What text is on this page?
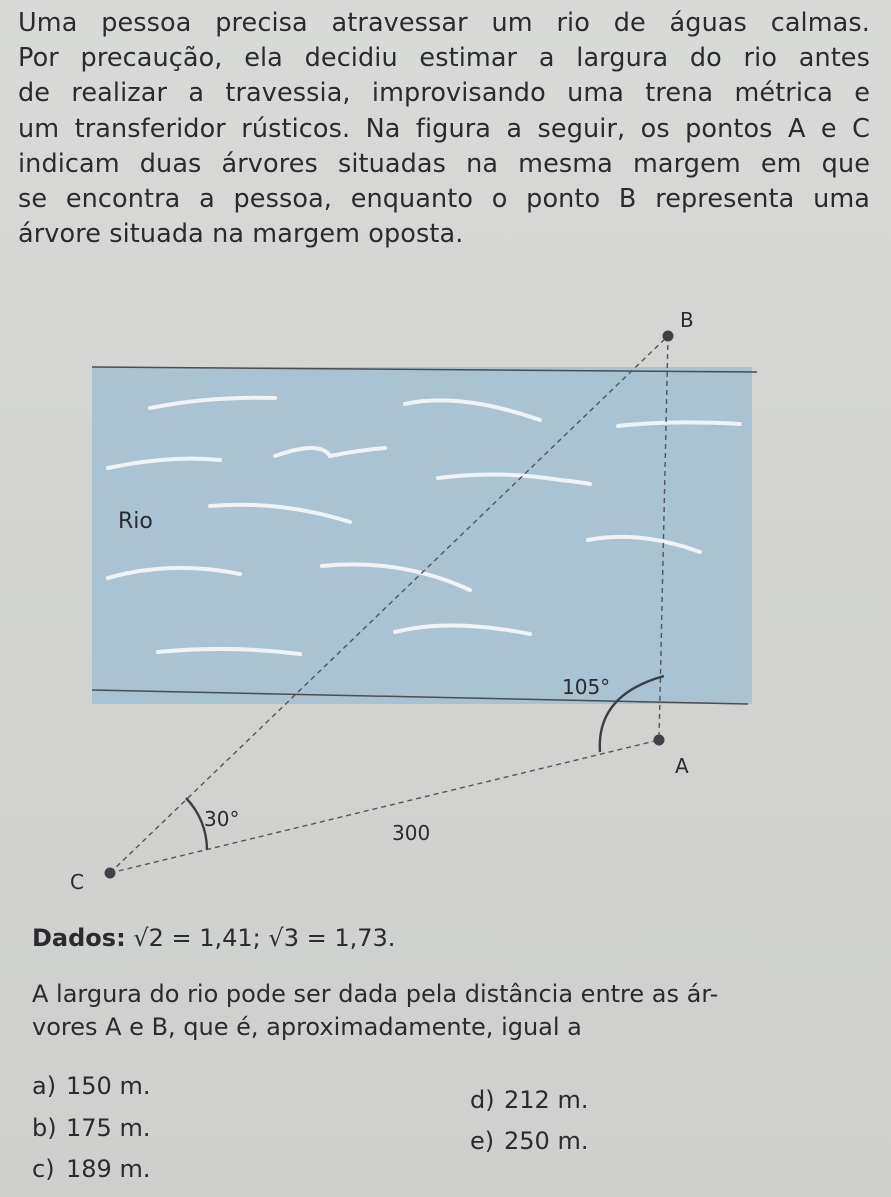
Uma pessoa precisa atravessar um rio de águas calmas.
Por precaução, ela decidiu estimar a largura do rio antes
de realizar a travessia, improvisando uma trena métrica e
um transferidor rústicos. Na figura a seguir, os pontos A e C
indicam duas árvores situadas na mesma margem em que
se encontra a pessoa, enquanto o ponto B representa uma
árvore situada na margem oposta.
Rio
B
A
C
105°
30°
300
Dados: √2 = 1,41; √3 = 1,73.
A largura do rio pode ser dada pela distância entre as ár-
vores A e B, que é, aproximadamente, igual a
a) 150 m.
b) 175 m.
c) 189 m.
d) 212 m.
e) 250 m.
